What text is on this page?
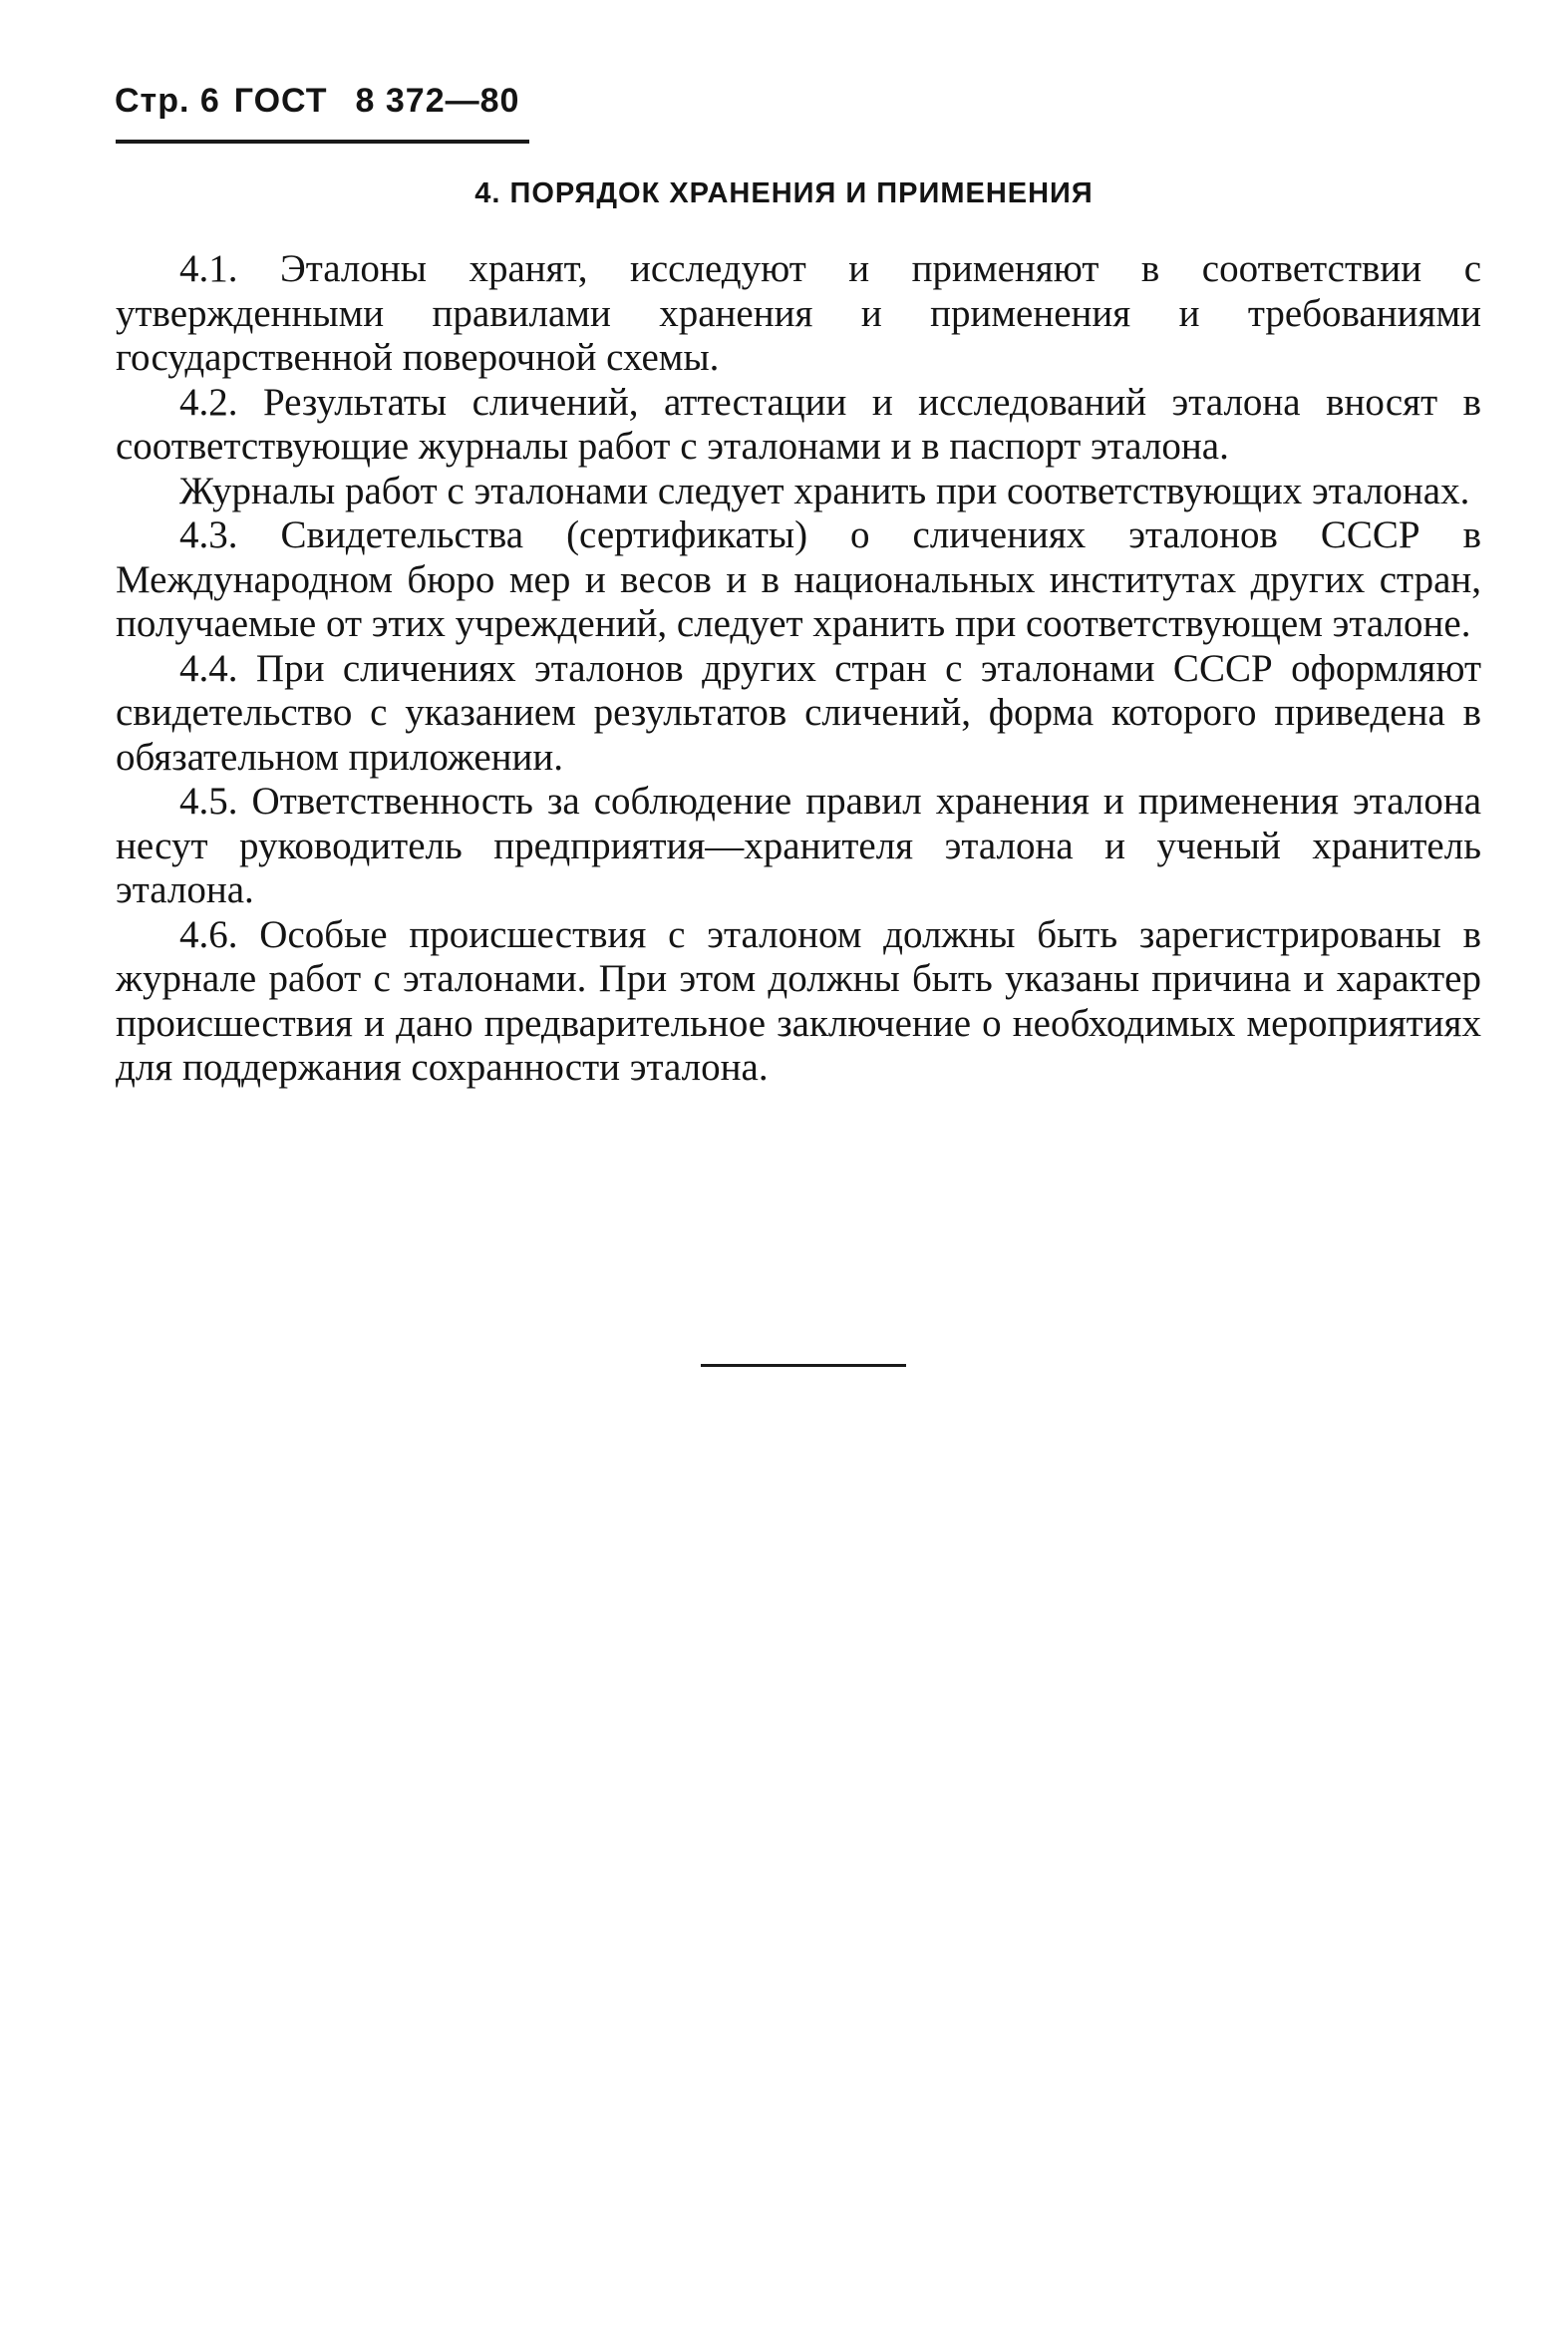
Стр. 6 ГОСТ 8 372—80
4. ПОРЯДОК ХРАНЕНИЯ И ПРИМЕНЕНИЯ

4.1. Эталоны хранят, исследуют и применяют в соответствии с утвержденными правилами хранения и применения и требованиями государственной поверочной схемы.

4.2. Результаты сличений, аттестации и исследований эталона вносят в соответствующие журналы работ с эталонами и в паспорт эталона.

Журналы работ с эталонами следует хранить при соответствующих эталонах.

4.3. Свидетельства (сертификаты) о сличениях эталонов СССР в Международном бюро мер и весов и в национальных институтах других стран, получаемые от этих учреждений, следует хранить при соответствующем эталоне.

4.4. При сличениях эталонов других стран с эталонами СССР оформляют свидетельство с указанием результатов сличений, форма которого приведена в обязательном приложении.

4.5. Ответственность за соблюдение правил хранения и применения эталона несут руководитель предприятия—хранителя эталона и ученый хранитель эталона.

4.6. Особые происшествия с эталоном должны быть зарегистрированы в журнале работ с эталонами. При этом должны быть указаны причина и характер происшествия и дано предварительное заключение о необходимых мероприятиях для поддержания сохранности эталона.
